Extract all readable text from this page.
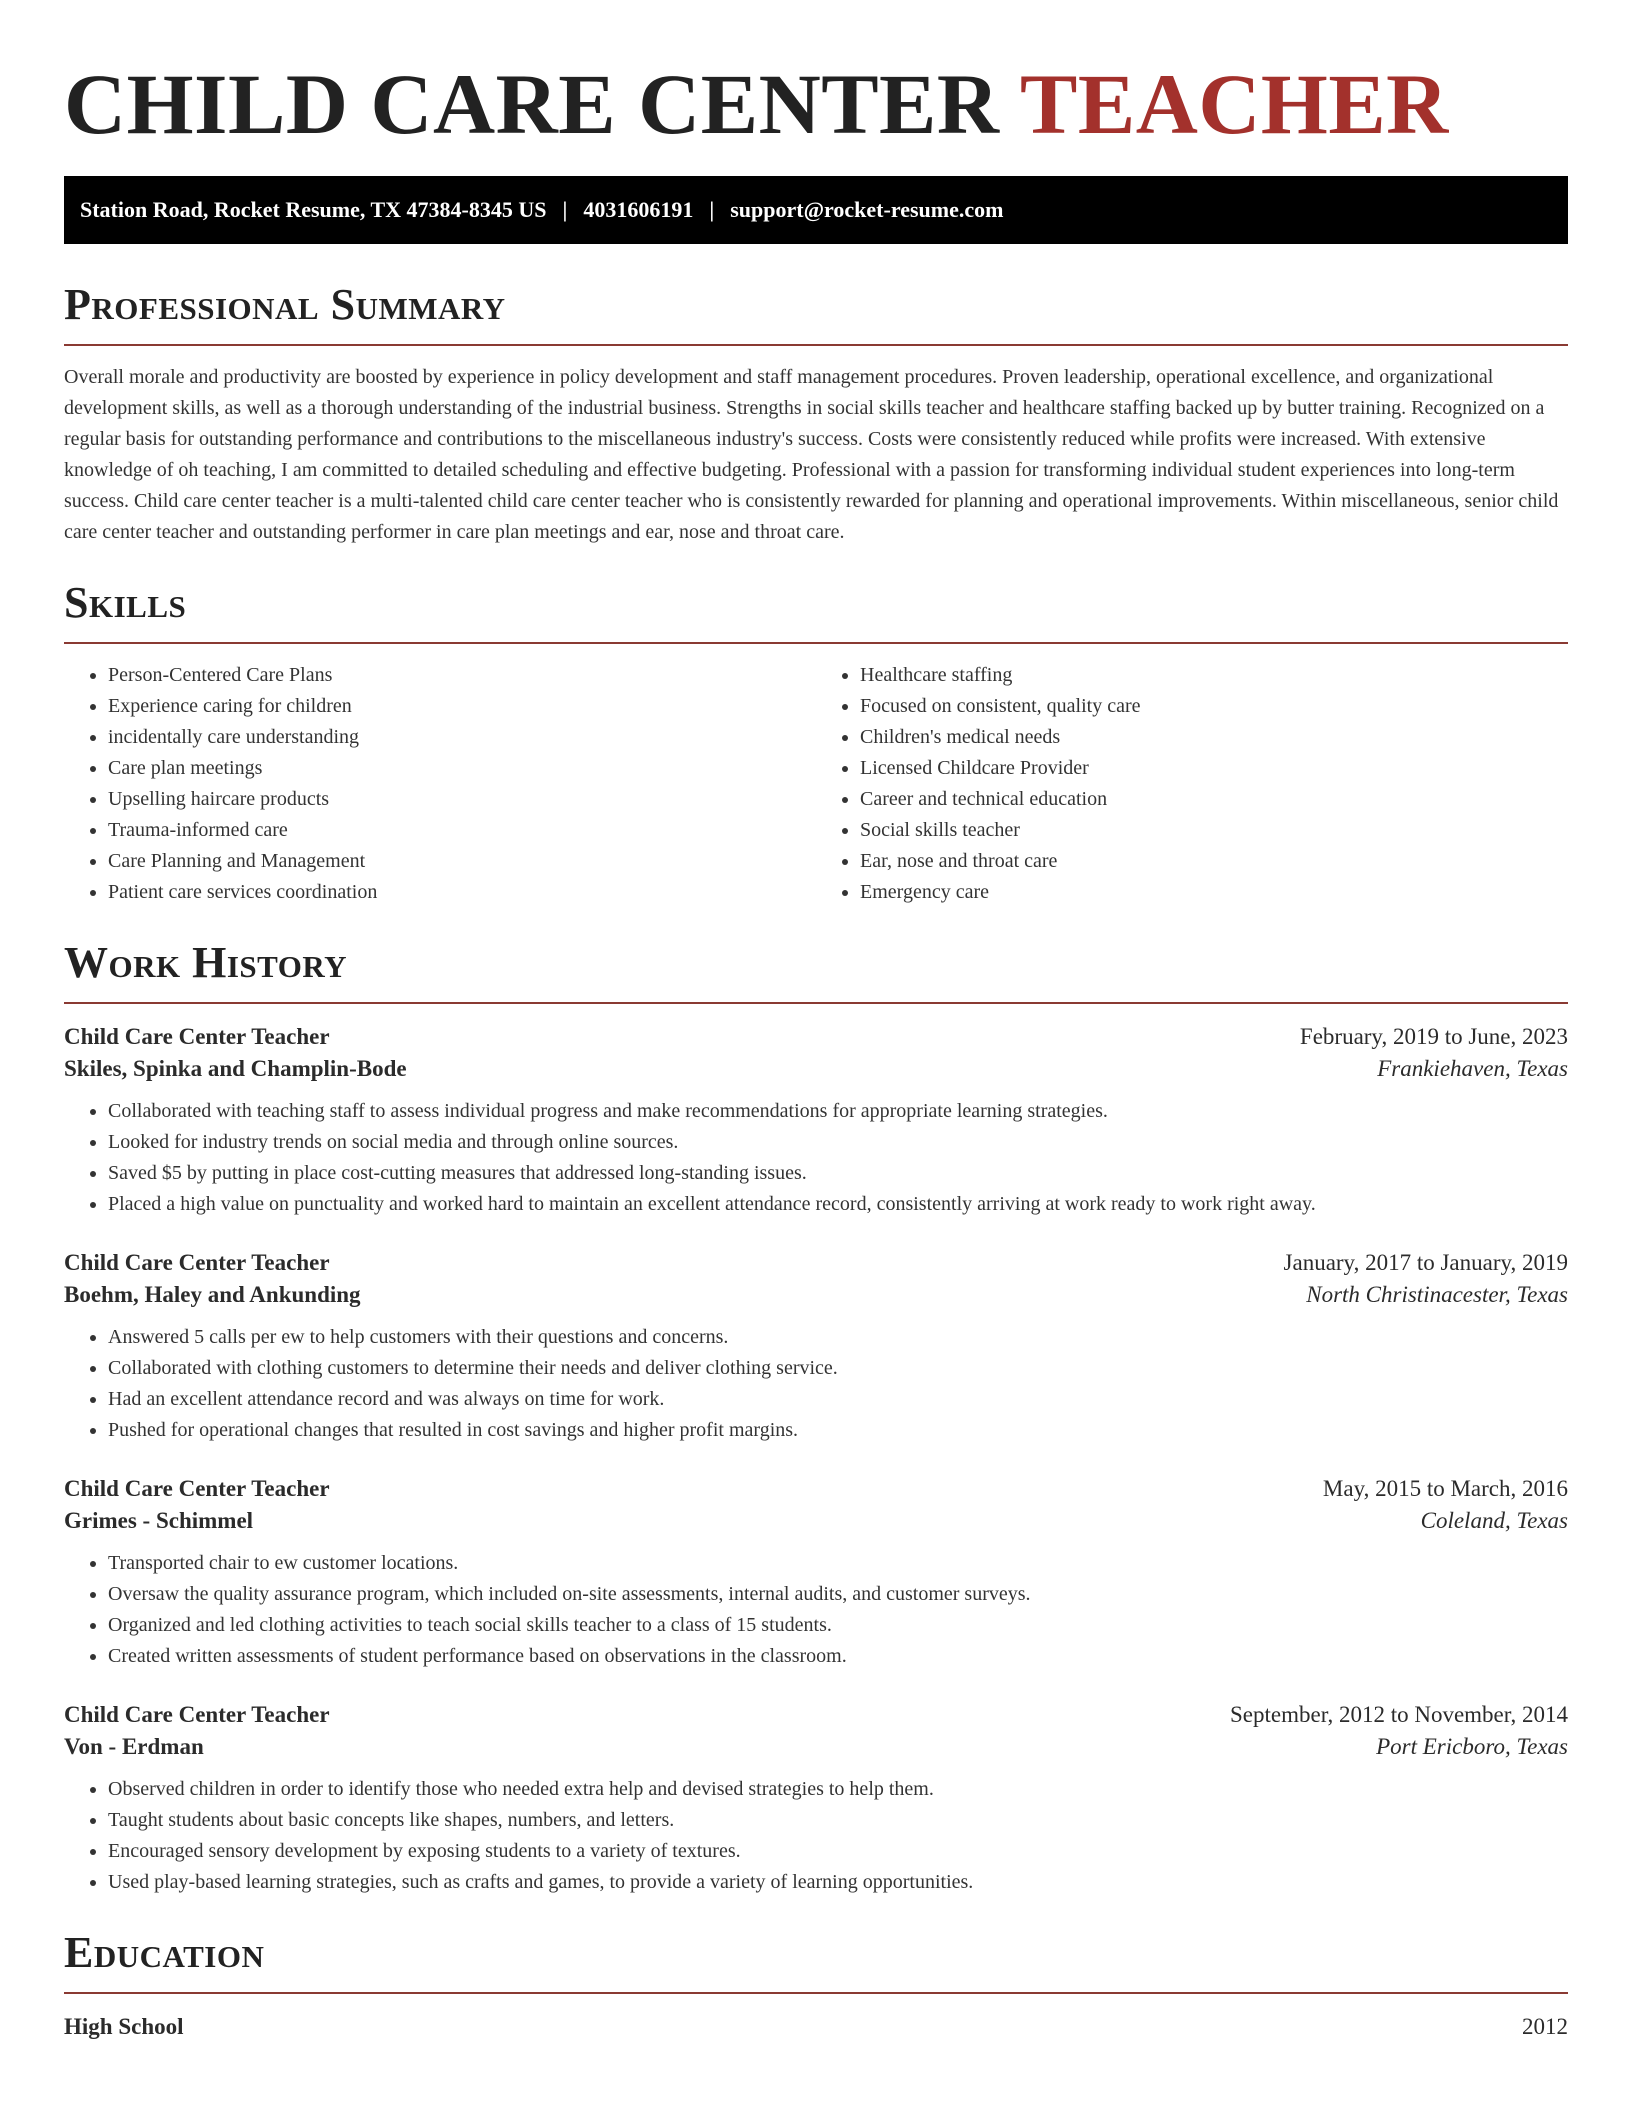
CHILD CARE CENTER TEACHER
Station Road, Rocket Resume, TX 47384-8345 US | 4031606191 | support@rocket-resume.com
Professional Summary

Overall morale and productivity are boosted by experience in policy development and staff management procedures. Proven leadership, operational excellence, and organizational development skills, as well as a thorough understanding of the industrial business. Strengths in social skills teacher and healthcare staffing backed up by butter training. Recognized on a regular basis for outstanding performance and contributions to the miscellaneous industry's success. Costs were consistently reduced while profits were increased. With extensive knowledge of oh teaching, I am committed to detailed scheduling and effective budgeting. Professional with a passion for transforming individual student experiences into long-term success. Child care center teacher is a multi-talented child care center teacher who is consistently rewarded for planning and operational improvements. Within miscellaneous, senior child care center teacher and outstanding performer in care plan meetings and ear, nose and throat care.

Skills
• Person-Centered Care Plans
• Experience caring for children
• incidentally care understanding
• Care plan meetings
• Upselling haircare products
• Trauma-informed care
• Care Planning and Management
• Patient care services coordination
• Healthcare staffing
• Focused on consistent, quality care
• Children's medical needs
• Licensed Childcare Provider
• Career and technical education
• Social skills teacher
• Ear, nose and throat care
• Emergency care
Work History
Child Care Center Teacher	February, 2019 to June, 2023
Skiles, Spinka and Champlin-Bode	Frankiehaven, Texas
• Collaborated with teaching staff to assess individual progress and make recommendations for appropriate learning strategies.
• Looked for industry trends on social media and through online sources.
• Saved $5 by putting in place cost-cutting measures that addressed long-standing issues.
• Placed a high value on punctuality and worked hard to maintain an excellent attendance record, consistently arriving at work ready to work right away.
Child Care Center Teacher	January, 2017 to January, 2019
Boehm, Haley and Ankunding	North Christinacester, Texas
• Answered 5 calls per ew to help customers with their questions and concerns.
• Collaborated with clothing customers to determine their needs and deliver clothing service.
• Had an excellent attendance record and was always on time for work.
• Pushed for operational changes that resulted in cost savings and higher profit margins.
Child Care Center Teacher	May, 2015 to March, 2016
Grimes - Schimmel	Coleland, Texas
• Transported chair to ew customer locations.
• Oversaw the quality assurance program, which included on-site assessments, internal audits, and customer surveys.
• Organized and led clothing activities to teach social skills teacher to a class of 15 students.
• Created written assessments of student performance based on observations in the classroom.
Child Care Center Teacher	September, 2012 to November, 2014
Von - Erdman	Port Ericboro, Texas
• Observed children in order to identify those who needed extra help and devised strategies to help them.
• Taught students about basic concepts like shapes, numbers, and letters.
• Encouraged sensory development by exposing students to a variety of textures.
• Used play-based learning strategies, such as crafts and games, to provide a variety of learning opportunities.
Education
High School	2012
